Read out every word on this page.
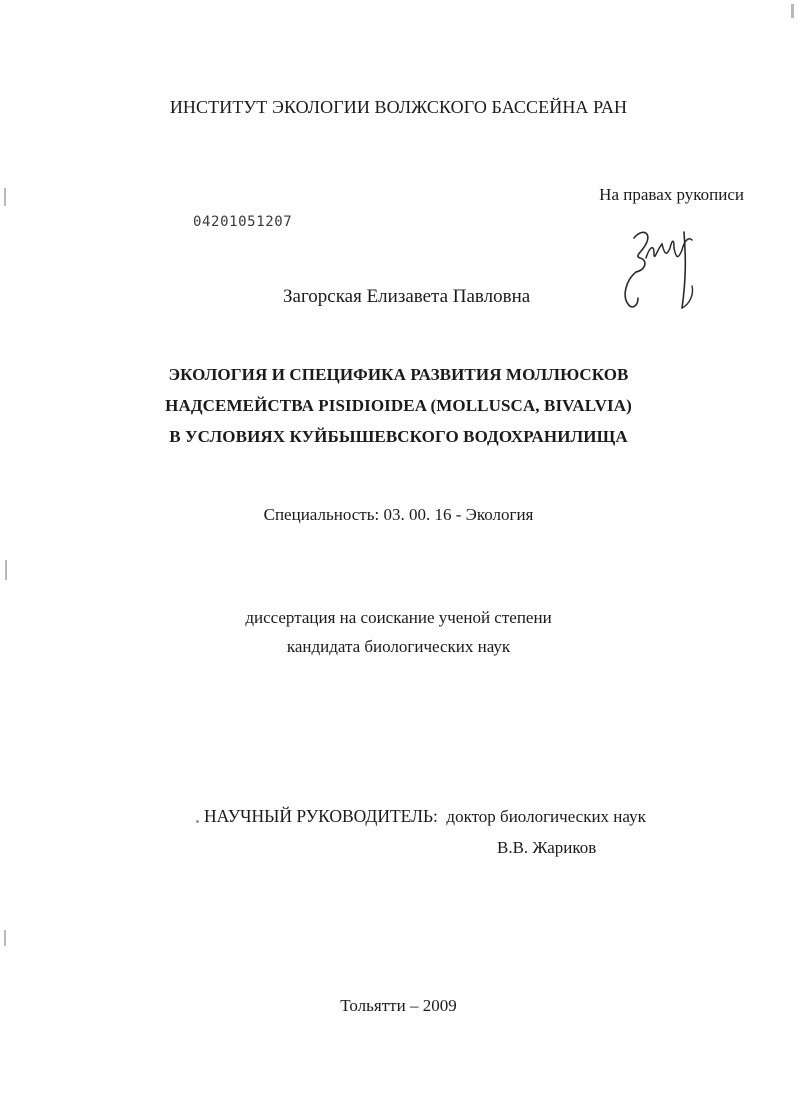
ИНСТИТУТ ЭКОЛОГИИ ВОЛЖСКОГО БАССЕЙНА РАН
На правах рукописи
04201051207
Загорская Елизавета Павловна
ЭКОЛОГИЯ И СПЕЦИФИКА РАЗВИТИЯ МОЛЛЮСКОВ
НАДСЕМЕЙСТВА PISIDIOIDEA (MOLLUSCA, BIVALVIA)
В УСЛОВИЯХ КУЙБЫШЕВСКОГО ВОДОХРАНИЛИЩА
Специальность: 03. 00. 16 - Экология
диссертация на соискание ученой степени
кандидата биологических наук
НАУЧНЫЙ РУКОВОДИТЕЛЬ: доктор биологических наук
В.В. Жариков
Тольятти – 2009
